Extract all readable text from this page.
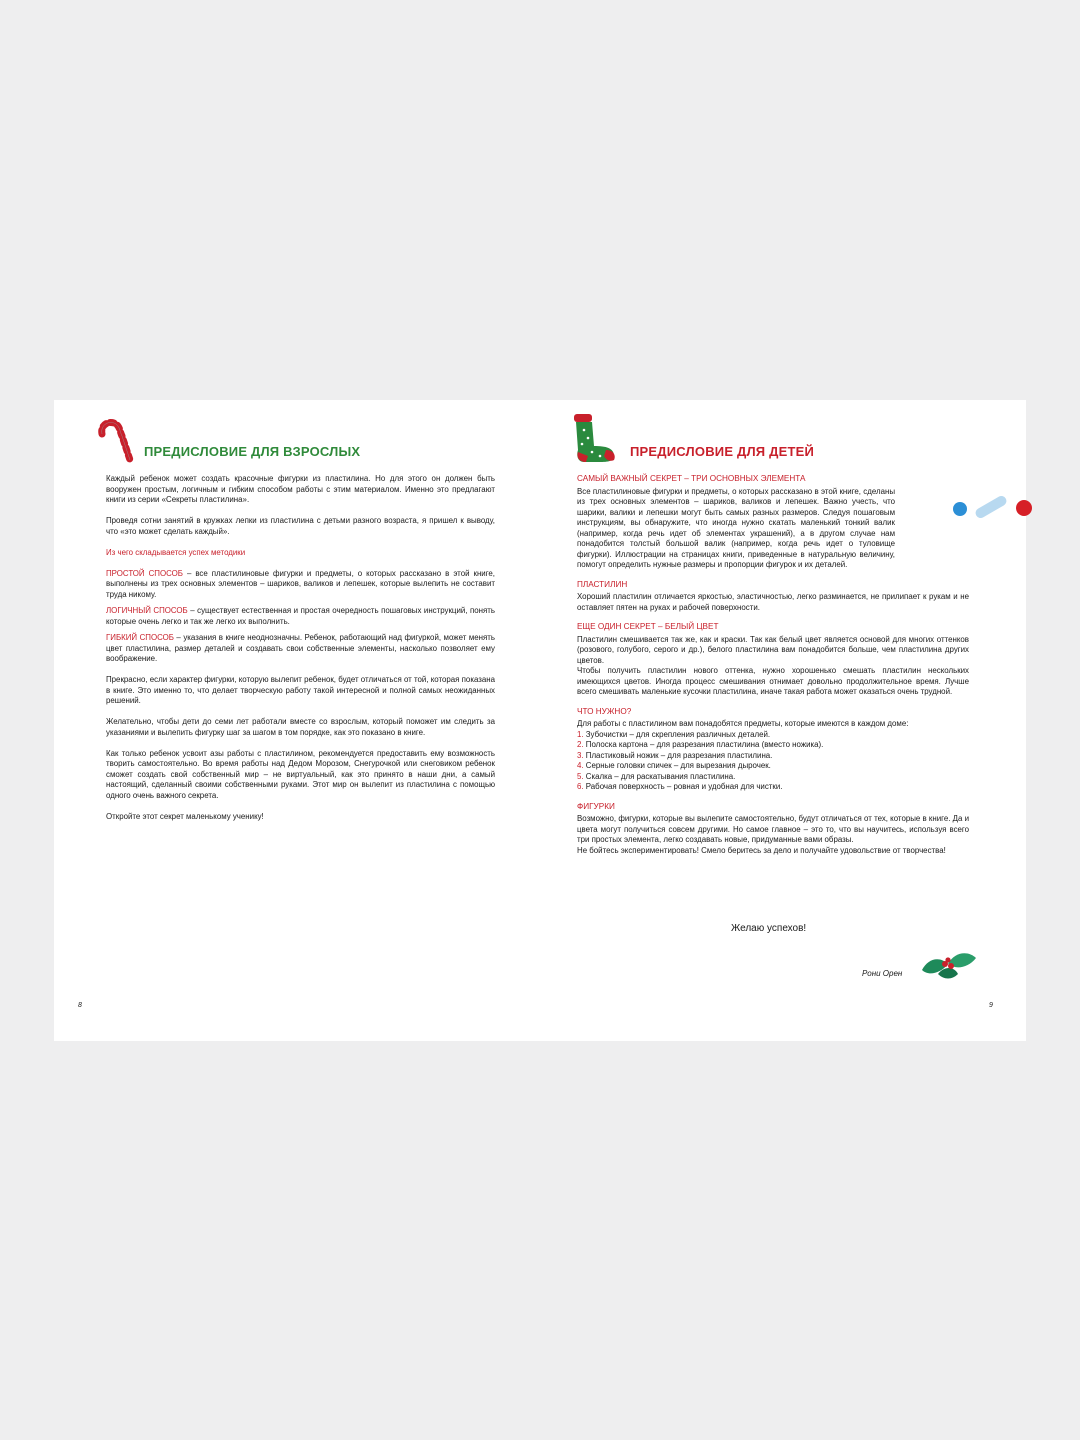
ПРЕДИСЛОВИЕ ДЛЯ ВЗРОСЛЫХ

Каждый ребенок может создать красочные фигурки из пластилина. Но для этого он должен быть вооружен простым, логичным и гибким способом работы с этим материалом. Именно это предлагают книги из серии «Секреты пластилина».

Проведя сотни занятий в кружках лепки из пластилина с детьми разного возраста, я пришел к выводу, что «это может сделать каждый».

Из чего складывается успех методики

ПРОСТОЙ СПОСОБ – все пластилиновые фигурки и предметы, о которых рассказано в этой книге, выполнены из трех основных элементов – шариков, валиков и лепешек, которые вылепить не составит труда никому.

ЛОГИЧНЫЙ СПОСОБ – существует естественная и простая очередность пошаговых инструкций, понять которые очень легко и так же легко их выполнить.

ГИБКИЙ СПОСОБ – указания в книге неоднозначны. Ребенок, работающий над фигуркой, может менять цвет пластилина, размер деталей и создавать свои собственные элементы, насколько позволяет ему воображение.

Прекрасно, если характер фигурки, которую вылепит ребенок, будет отличаться от той, которая показана в книге. Это именно то, что делает творческую работу такой интересной и полной самых неожиданных решений.

Желательно, чтобы дети до семи лет работали вместе со взрослым, который поможет им следить за указаниями и вылепить фигурку шаг за шагом в том порядке, как это показано в книге.

Как только ребенок усвоит азы работы с пластилином, рекомендуется предоставить ему возможность творить самостоятельно. Во время работы над Дедом Морозом, Снегурочкой или снеговиком ребенок сможет создать свой собственный мир – не виртуальный, как это принято в наши дни, а самый настоящий, сделанный своими собственными руками. Этот мир он вылепит из пластилина с помощью одного очень важного секрета.

Откройте этот секрет маленькому ученику!

8
ПРЕДИСЛОВИЕ ДЛЯ ДЕТЕЙ
САМЫЙ ВАЖНЫЙ СЕКРЕТ – ТРИ ОСНОВНЫХ ЭЛЕМЕНТА
Все пластилиновые фигурки и предметы, о которых рассказано в этой книге, сделаны из трех основных элементов – шариков, валиков и лепешек. Важно учесть, что шарики, валики и лепешки могут быть самых разных размеров. Следуя пошаговым инструкциям, вы обнаружите, что иногда нужно скатать маленький тонкий валик (например, когда речь идет об элементах украшений), а в другом случае нам понадобится толстый большой валик (например, когда речь идет о туловище фигурки). Иллюстрации на страницах книги, приведенные в натуральную величину, помогут определить нужные размеры и пропорции фигурок и их деталей.
ПЛАСТИЛИН
Хороший пластилин отличается яркостью, эластичностью, легко разминается, не прилипает к рукам и не оставляет пятен на руках и рабочей поверхности.
ЕЩЕ ОДИН СЕКРЕТ – БЕЛЫЙ ЦВЕТ
Пластилин смешивается так же, как и краски. Так как белый цвет является основой для многих оттенков (розового, голубого, серого и др.), белого пластилина вам понадобится больше, чем пластилина других цветов.
Чтобы получить пластилин нового оттенка, нужно хорошенько смешать пластилин нескольких имеющихся цветов. Иногда процесс смешивания отнимает довольно продолжительное время. Лучше всего смешивать маленькие кусочки пластилина, иначе такая работа может оказаться очень трудной.
ЧТО НУЖНО?
Для работы с пластилином вам понадобятся предметы, которые имеются в каждом доме:
1. Зубочистки – для скрепления различных деталей.
2. Полоска картона – для разрезания пластилина (вместо ножика).
3. Пластиковый ножик – для разрезания пластилина.
4. Серные головки спичек – для вырезания дырочек.
5. Скалка – для раскатывания пластилина.
6. Рабочая поверхность – ровная и удобная для чистки.
ФИГУРКИ
Возможно, фигурки, которые вы вылепите самостоятельно, будут отличаться от тех, которые в книге. Да и цвета могут получиться совсем другими. Но самое главное – это то, что вы научитесь, используя всего три простых элемента, легко создавать новые, придуманные вами образы.
Не бойтесь экспериментировать! Смело беритесь за дело и получайте удовольствие от творчества!
Желаю успехов!
Рони Орен
9
